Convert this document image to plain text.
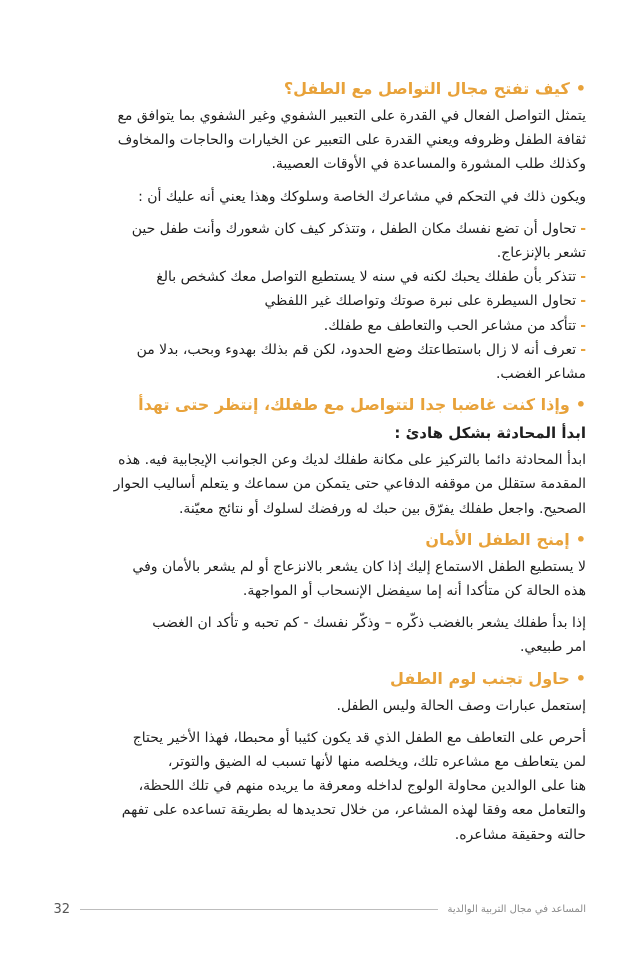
•كيف تفتح مجال التواصل مع الطفل؟
يتمثل التواصل الفعال في القدرة على التعبير الشفوي وغير الشفوي بما يتوافق مع
ثقافة الطفل وظروفه ويعني القدرة على التعبير عن الخيارات والحاجات والمخاوف
وكذلك طلب المشورة والمساعدة في الأوقات العصيبة.
ويكون ذلك في التحكم في مشاعرك الخاصة وسلوكك وهذا يعني أنه عليك أن :
-تحاول أن تضع نفسك مكان الطفل ، وتتذكر كيف كان شعورك وأنت طفل حين
تشعر بالإنزعاج.
-تتذكر بأن طفلك يحبك لكنه في سنه لا يستطيع التواصل معك كشخص بالغ
-تحاول السيطرة على نبرة صوتك وتواصلك غير اللفظي
-تتأكد من مشاعر الحب والتعاطف مع طفلك.
-تعرف أنه لا زال باستطاعتك وضع الحدود، لكن قم بذلك بهدوء وبحب، بدلا من
مشاعر الغضب.
•وإذا كنت غاضبا جدا لتتواصل مع طفلك، إنتظر حتى تهدأ
ابدأ المحادثة بشكل هادئ :
ابدأ المحادثة دائما بالتركيز على مكانة طفلك لديك وعن الجوانب الإيجابية فيه. هذه
المقدمة ستقلل من موقفه الدفاعي حتى يتمكن من سماعك و يتعلم أساليب الحوار
الصحيح. واجعل طفلك يفرّق بين حبك له ورفضك لسلوك أو نتائج معيّنة.
•إمنح الطفل الأمان
لا يستطيع الطفل الاستماع إليك إذا كان يشعر بالانزعاج أو لم يشعر بالأمان وفي
هذه الحالة كن متأكدا أنه إما سيفضل الإنسحاب أو المواجهة.
إذا بدأ طفلك يشعر بالغضب ذكّره – وذكّر نفسك - كم تحبه و تأكد ان الغضب
امر طبيعي.
•حاول تجنب لوم الطفل
إستعمل عبارات وصف الحالة وليس الطفل.
أحرص على التعاطف مع الطفل الذي قد يكون كئيبا أو محبطا، فهذا الأخير يحتاج
لمن يتعاطف مع مشاعره تلك، ويخلصه منها لأنها تسبب له الضيق والتوتر،
هنا على الوالدين محاولة الولوج لداخله ومعرفة ما يريده منهم في تلك اللحظة،
والتعامل معه وفقا لهذه المشاعر، من خلال تحديدها له بطريقة تساعده على تفهم
حالته وحقيقة مشاعره.
32	المساعد في مجال التربية الوالدية
